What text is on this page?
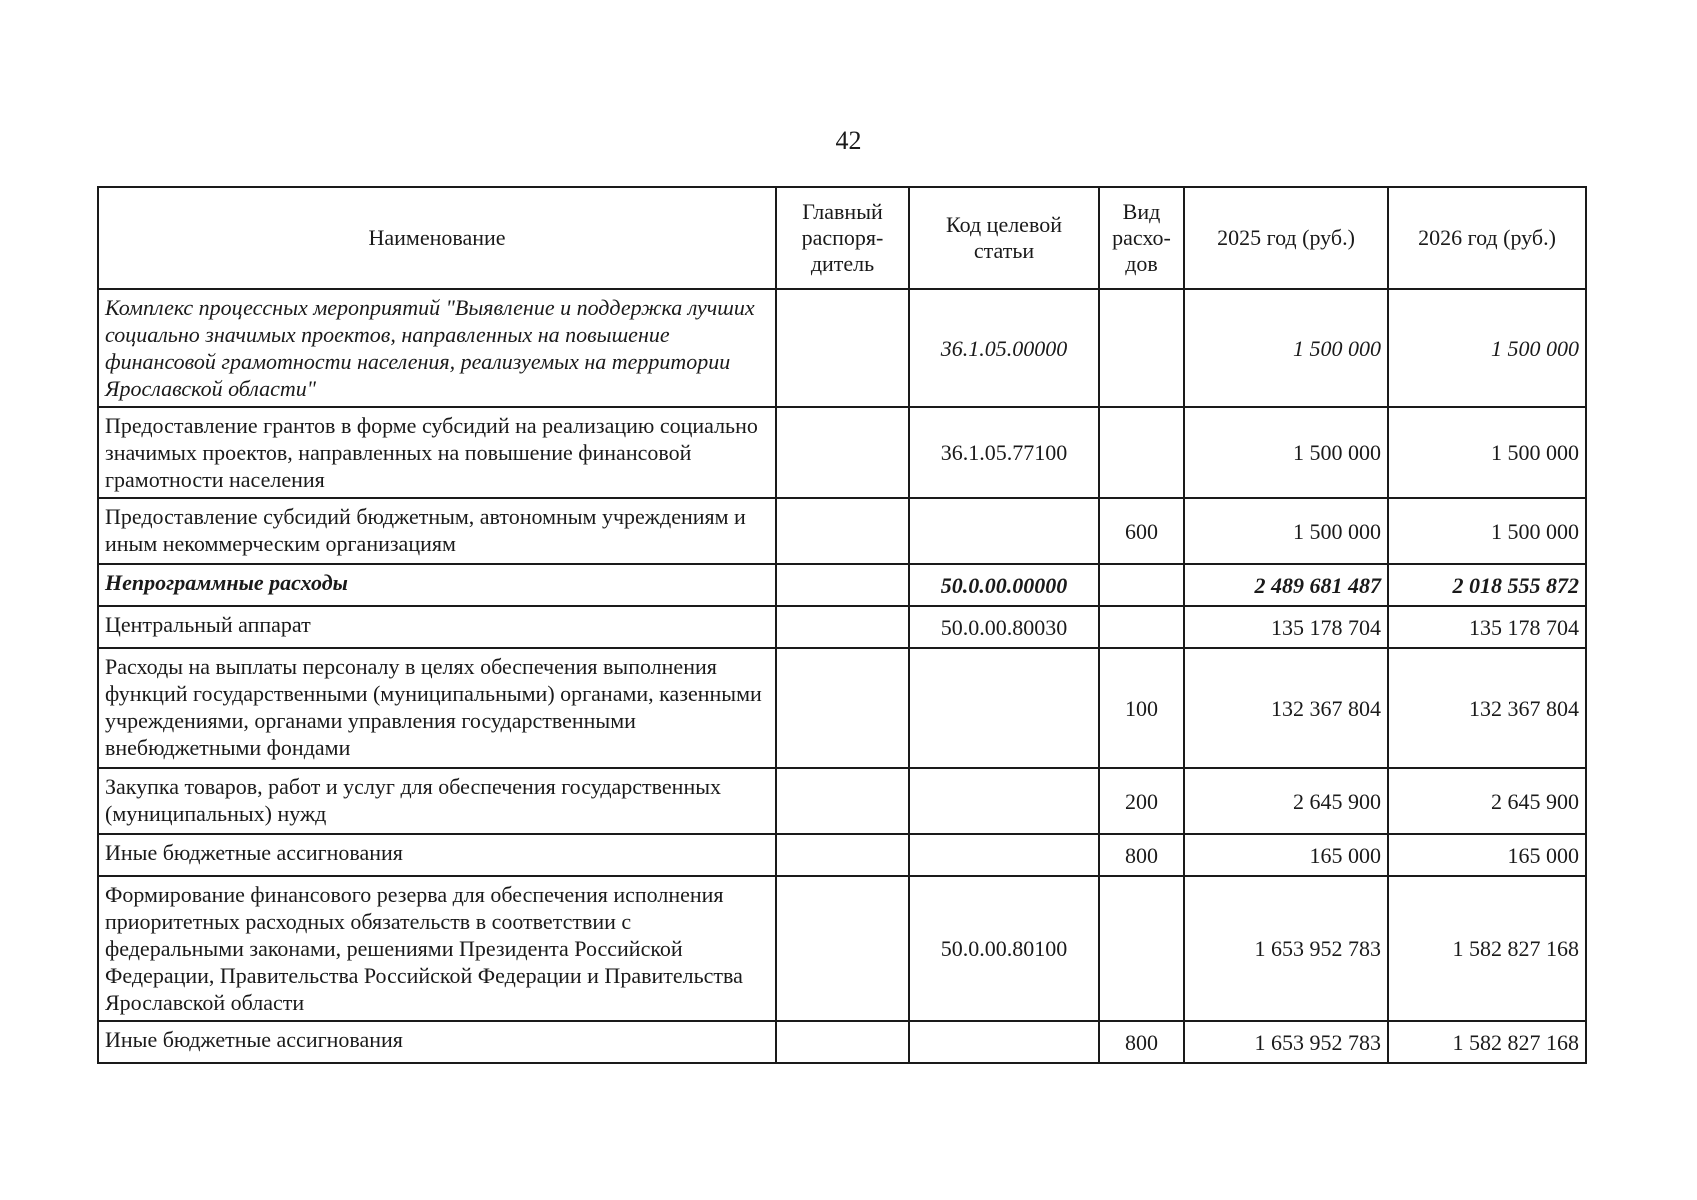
42
Наименование	Главный распоря-дитель	Код целевой статьи	Вид расхо-дов	2025 год (руб.)	2026 год (руб.)
Комплекс процессных мероприятий "Выявление и поддержка лучших социально значимых проектов, направленных на повышение финансовой грамотности населения, реализуемых на территории Ярославской области"		36.1.05.00000		1 500 000	1 500 000
Предоставление грантов в форме субсидий на реализацию социально значимых проектов, направленных на повышение финансовой грамотности населения		36.1.05.77100		1 500 000	1 500 000
Предоставление субсидий бюджетным, автономным учреждениям и иным некоммерческим организациям			600	1 500 000	1 500 000
Непрограммные расходы		50.0.00.00000		2 489 681 487	2 018 555 872
Центральный аппарат		50.0.00.80030		135 178 704	135 178 704
Расходы на выплаты персоналу в целях обеспечения выполнения функций государственными (муниципальными) органами, казенными учреждениями, органами управления государственными внебюджетными фондами			100	132 367 804	132 367 804
Закупка товаров, работ и услуг для обеспечения государственных (муниципальных) нужд			200	2 645 900	2 645 900
Иные бюджетные ассигнования			800	165 000	165 000
Формирование финансового резерва для обеспечения исполнения приоритетных расходных обязательств в соответствии с федеральными законами, решениями Президента Российской Федерации, Правительства Российской Федерации и Правительства Ярославской области		50.0.00.80100		1 653 952 783	1 582 827 168
Иные бюджетные ассигнования			800	1 653 952 783	1 582 827 168
